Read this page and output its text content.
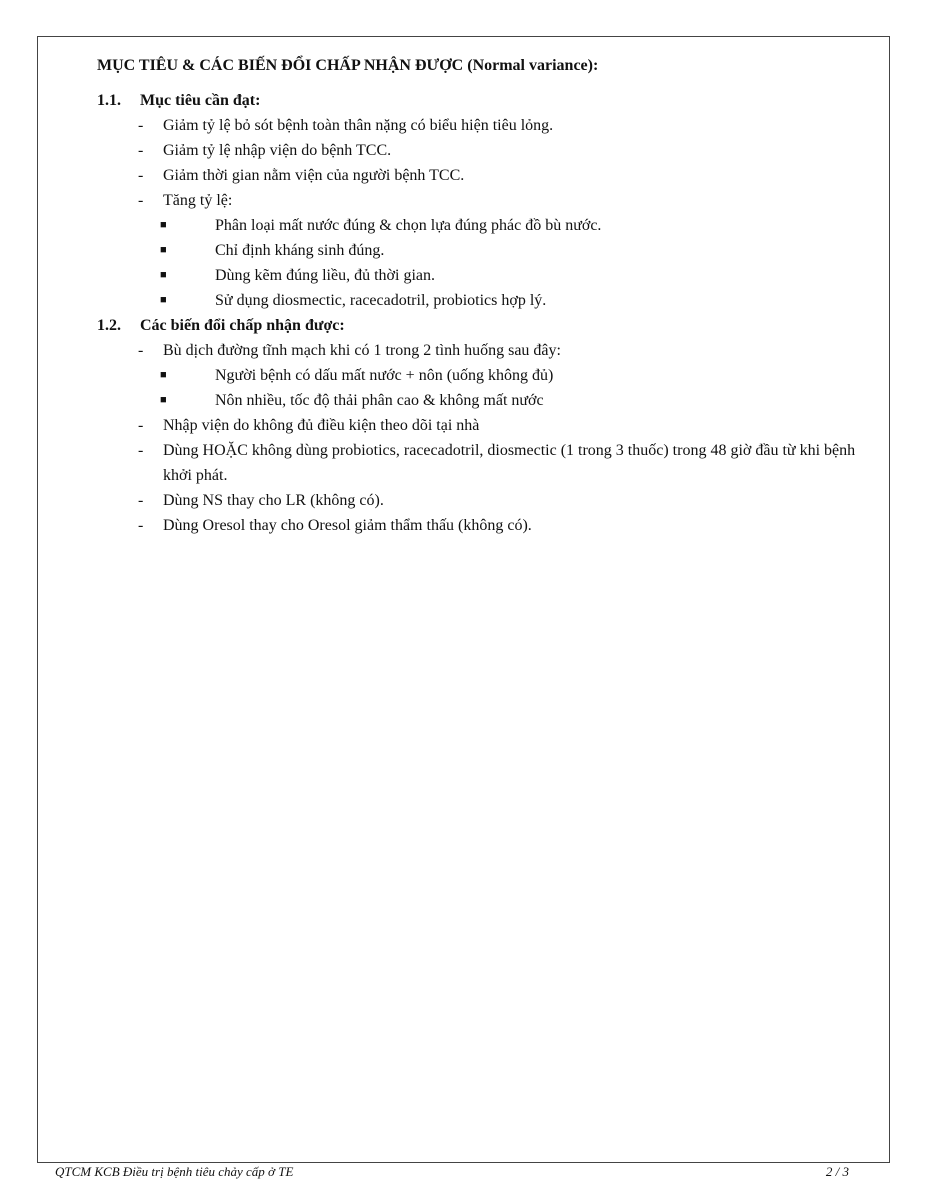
MỤC TIÊU & CÁC BIẾN ĐỔI CHẤP NHẬN ĐƯỢC (Normal variance):
1.1.	Mục tiêu cần đạt:
-	Giảm tỷ lệ bỏ sót bệnh toàn thân nặng có biểu hiện tiêu lỏng.
-	Giảm tỷ lệ nhập viện do bệnh TCC.
-	Giảm thời gian nằm viện của người bệnh TCC.
-	Tăng tỷ lệ:
■	Phân loại mất nước đúng & chọn lựa đúng phác đồ bù nước.
■	Chỉ định kháng sinh đúng.
■	Dùng kẽm đúng liều, đủ thời gian.
■	Sử dụng diosmectic, racecadotril, probiotics hợp lý.
1.2.	Các biến đổi chấp nhận được:
-	Bù dịch đường tĩnh mạch khi có 1 trong 2 tình huống sau đây:
■	Người bệnh có dấu mất nước + nôn (uống không đủ)
■	Nôn nhiều, tốc độ thải phân cao & không mất nước
-	Nhập viện do không đủ điều kiện theo dõi tại nhà
-	Dùng HOẶC không dùng probiotics, racecadotril, diosmectic (1 trong 3 thuốc) trong 48 giờ đầu từ khi bệnh khởi phát.
-	Dùng NS thay cho LR (không có).
-	Dùng Oresol thay cho Oresol giảm thẩm thấu (không có).
QTCM KCB Điều trị bệnh tiêu chảy cấp ở TE	2 / 3
